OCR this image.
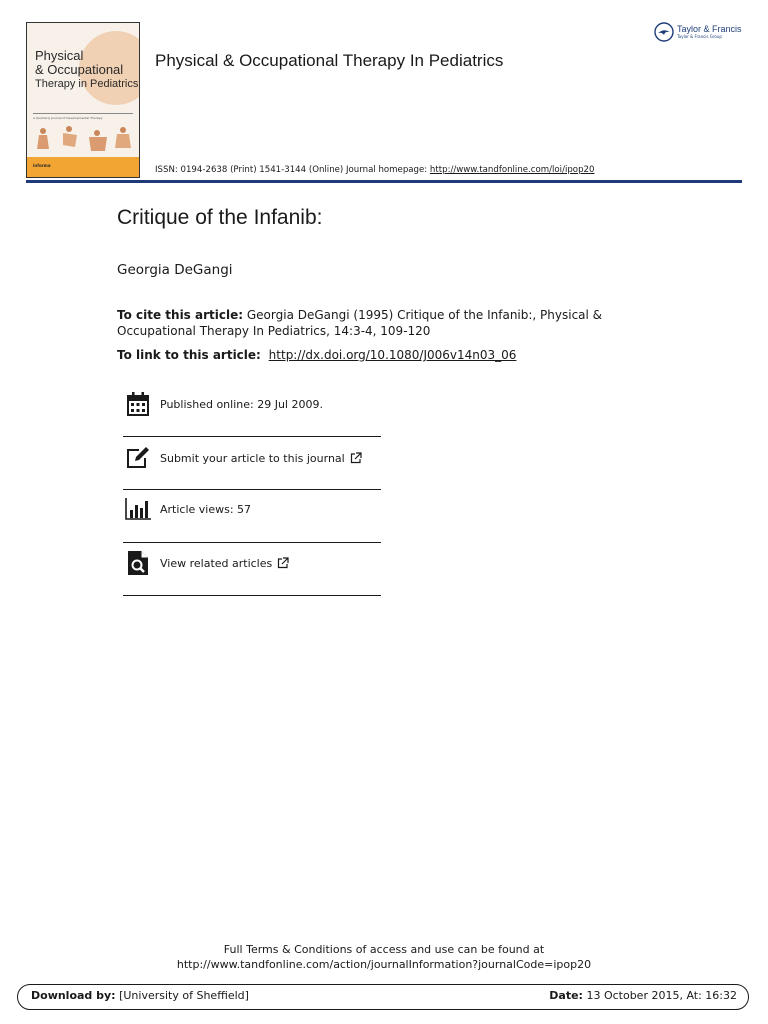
Physical
& Occupational
Therapy in Pediatrics
A Quarterly Journal of Developmental Therapy
informa
Physical & Occupational Therapy In Pediatrics
Taylor & Francis
Taylor & Francis Group
ISSN: 0194-2638 (Print) 1541-3144 (Online) Journal homepage: http://www.tandfonline.com/loi/ipop20
Critique of the Infanib:
Georgia DeGangi
To cite this article: Georgia DeGangi (1995) Critique of the Infanib:, Physical & Occupational Therapy In Pediatrics, 14:3-4, 109-120
To link to this article: http://dx.doi.org/10.1080/J006v14n03_06
Published online: 29 Jul 2009.
Submit your article to this journal
Article views: 57
View related articles
Full Terms & Conditions of access and use can be found at
http://www.tandfonline.com/action/journalInformation?journalCode=ipop20
Download by: [University of Sheffield]	Date: 13 October 2015, At: 16:32
